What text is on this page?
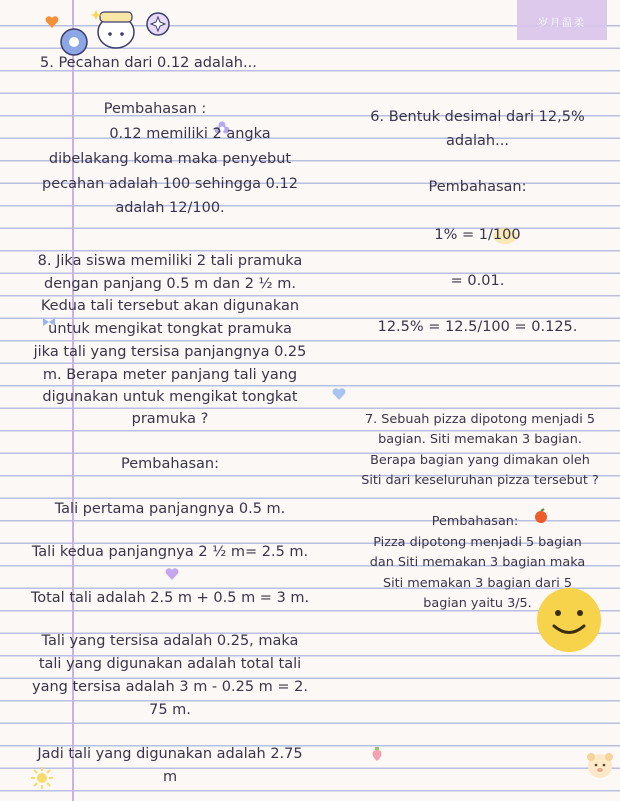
岁月温柔
5. Pecahan dari 0.12 adalah...
Pembahasan :
0.12 memiliki 2 angka
dibelakang koma maka penyebut
pecahan adalah 100 sehingga 0.12
adalah 12/100.
6. Bentuk desimal dari 12,5%
adalah...
Pembahasan:
1% = 1/100
= 0.01.
12.5% = 12.5/100 = 0.125.
8. Jika siswa memiliki 2 tali pramuka
dengan panjang 0.5 m dan 2 ½ m.
Kedua tali tersebut akan digunakan
untuk mengikat tongkat pramuka
jika tali yang tersisa panjangnya 0.25
m. Berapa meter panjang tali yang
digunakan untuk mengikat tongkat
pramuka ?
Pembahasan:
Tali pertama panjangnya 0.5 m.
Tali kedua panjangnya 2 ½ m= 2.5 m.
Total tali adalah 2.5 m + 0.5 m = 3 m.
Tali yang tersisa adalah 0.25, maka
tali yang digunakan adalah total tali
yang tersisa adalah 3 m - 0.25 m = 2.
75 m.
Jadi tali yang digunakan adalah 2.75
m
7. Sebuah pizza dipotong menjadi 5
bagian. Siti memakan 3 bagian.
Berapa bagian yang dimakan oleh
Siti dari keseluruhan pizza tersebut ?
Pembahasan:
Pizza dipotong menjadi 5 bagian
dan Siti memakan 3 bagian maka
Siti memakan 3 bagian dari 5
bagian yaitu 3/5.
